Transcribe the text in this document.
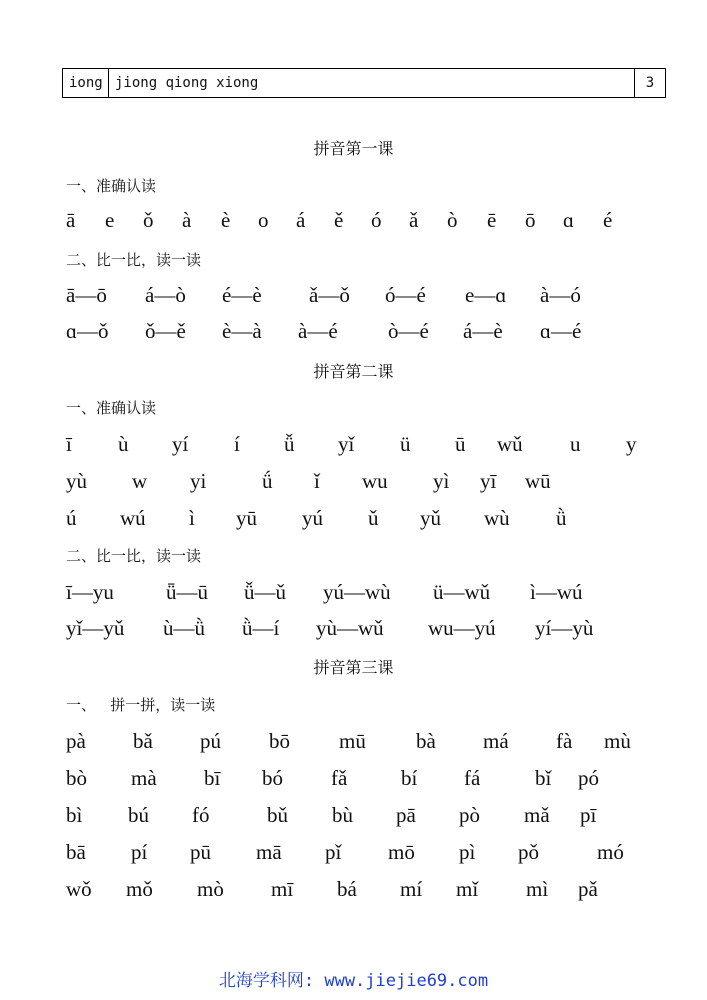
iong jiong qiong xiong	3
拼音第一课
一、准确认读
ā e ǒ à è o á ě ó ǎ ò ē ō ɑ é
二、比一比，读一读
ā—ō á—ò é—è ǎ—ǒ ó—é e—ɑ à—ó
ɑ—ǒ ǒ—ě è—à à—é ò—é á—è ɑ—é
拼音第二课
一、准确认读
ī ù yí í ǚ yǐ ü ū wǔ u y
yù w yi	ǘ ǐ wu yì yī wū
ú wú ì yū yú ǔ yǔ wù ǜ
二、比一比，读一读
ī—yu ǖ—ū ǚ—ǔ yú—wù ü—wǔ ì—wú
yǐ—yǔ ù—ǜ ǜ—í yù—wǔ wu—yú yí—yù
拼音第三课
一、   拼一拼，读一读
pà bǎ pú bō mū bà má fà mù
bò mà bī bó fǎ	bí fá	bǐ pó
bì bú fó	bǔ bù pā pò mǎ pī
bā pí pū mā pǐ mō pì pǒ	mó
wǒ mǒ mò mī bá mí mǐ mì pǎ
北海学科网: www.jiejie69.com
